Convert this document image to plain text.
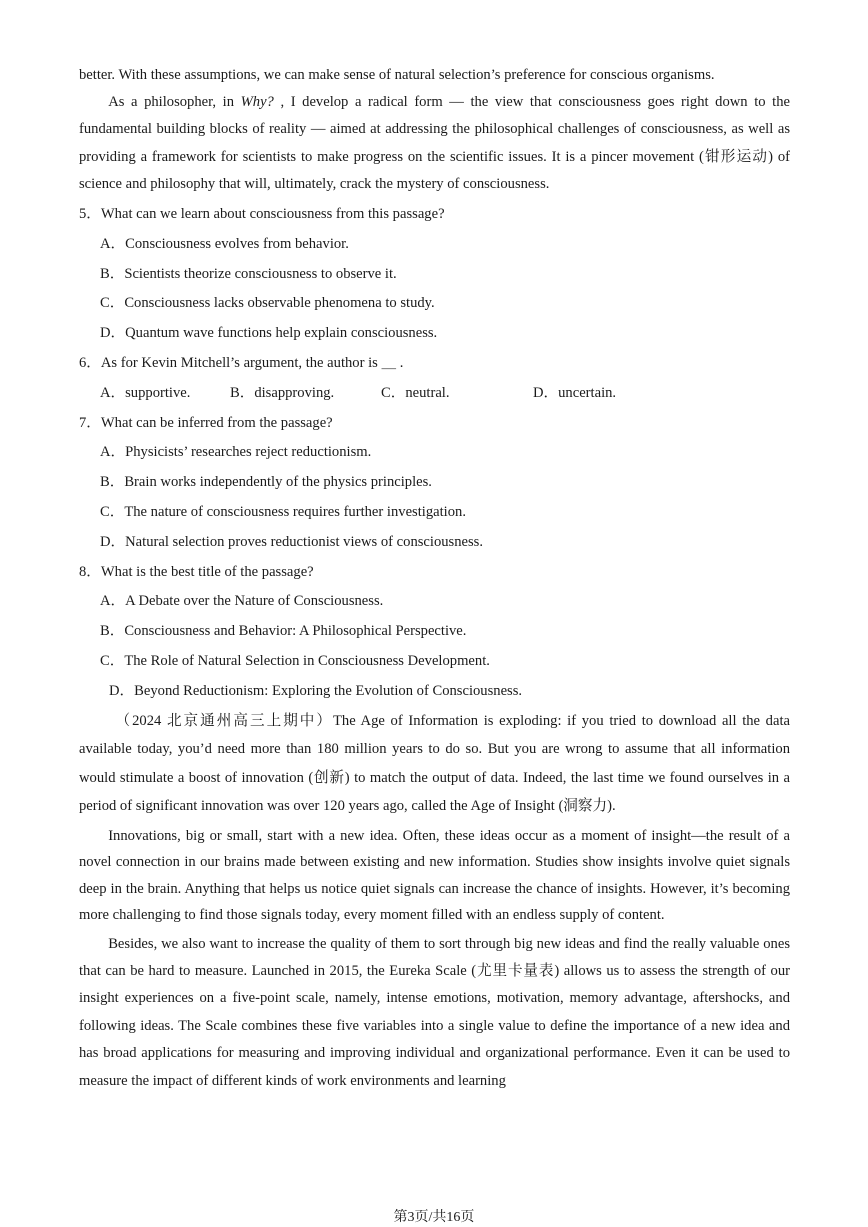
better. With these assumptions, we can make sense of natural selection’s preference for conscious organisms.

As a philosopher, in Why? , I develop a radical form — the view that consciousness goes right down to the fundamental building blocks of reality — aimed at addressing the philosophical challenges of consciousness, as well as providing a framework for scientists to make progress on the scientific issues. It is a pincer movement (钳形运动) of science and philosophy that will, ultimately, crack the mystery of consciousness.

5．What can we learn about consciousness from this passage?

A．Consciousness evolves from behavior.

B．Scientists theorize consciousness to observe it.

C．Consciousness lacks observable phenomena to study.

D．Quantum wave functions help explain consciousness.

6．As for Kevin Mitchell’s argument, the author is ＿ .

A．supportive.	B．disapproving.	C．neutral.	D．uncertain.

7．What can be inferred from the passage?

A．Physicists’ researches reject reductionism.

B．Brain works independently of the physics principles.

C．The nature of consciousness requires further investigation.

D．Natural selection proves reductionist views of consciousness.

8．What is the best title of the passage?

A．A Debate over the Nature of Consciousness.

B．Consciousness and Behavior: A Philosophical Perspective.

C．The Role of Natural Selection in Consciousness Development.

D．Beyond Reductionism: Exploring the Evolution of Consciousness.

（2024 北京通州高三上期中）The Age of Information is exploding: if you tried to download all the data available today, you’d need more than 180 million years to do so. But you are wrong to assume that all information would stimulate a boost of innovation (创新) to match the output of data. Indeed, the last time we found ourselves in a period of significant innovation was over 120 years ago, called the Age of Insight (洞察力).

Innovations, big or small, start with a new idea. Often, these ideas occur as a moment of insight—the result of a novel connection in our brains made between existing and new information. Studies show insights involve quiet signals deep in the brain. Anything that helps us notice quiet signals can increase the chance of insights. However, it’s becoming more challenging to find those signals today, every moment filled with an endless supply of content.

Besides, we also want to increase the quality of them to sort through big new ideas and find the really valuable ones that can be hard to measure. Launched in 2015, the Eureka Scale (尤里卡量表) allows us to assess the strength of our insight experiences on a five-point scale, namely, intense emotions, motivation, memory advantage, aftershocks, and following ideas. The Scale combines these five variables into a single value to define the importance of a new idea and has broad applications for measuring and improving individual and organizational performance. Even it can be used to measure the impact of different kinds of work environments and learning

第3页/共16页
